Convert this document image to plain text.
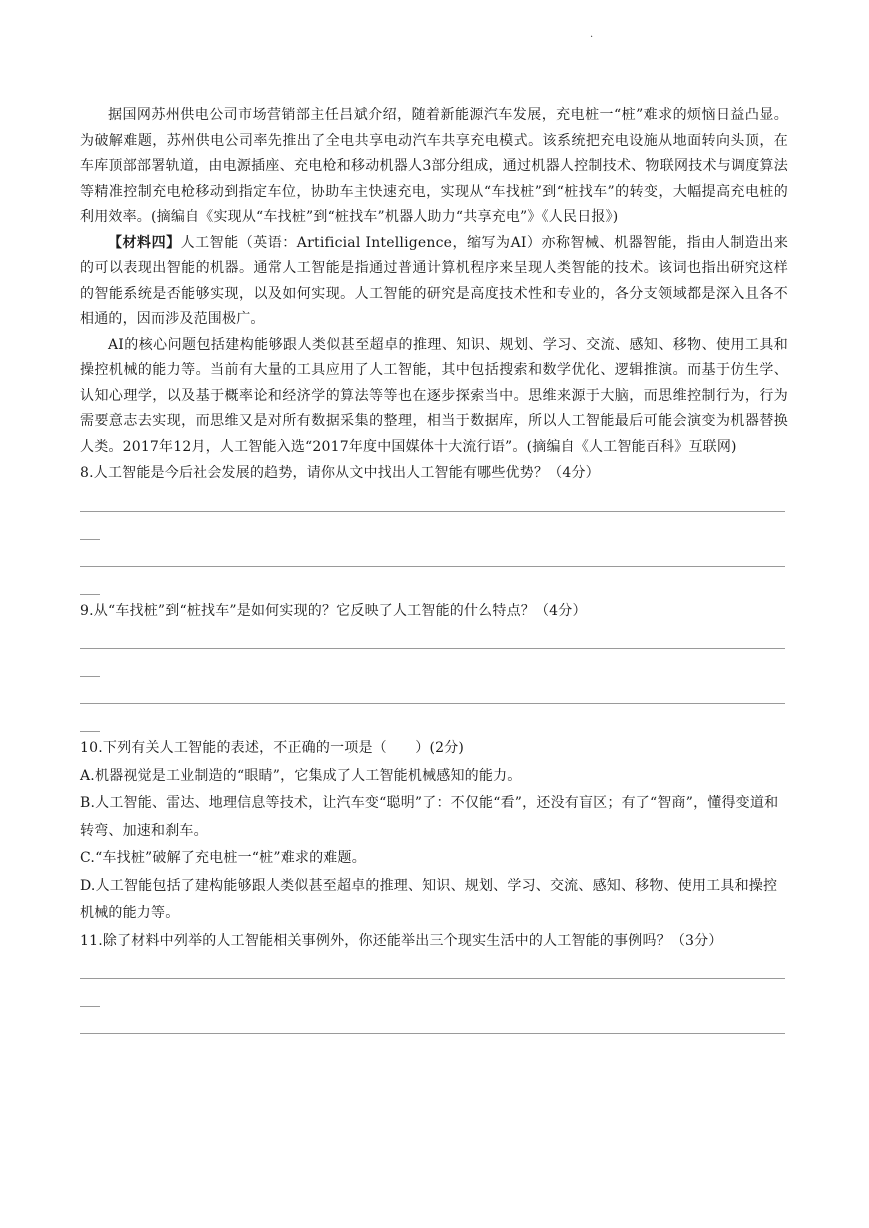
.

据国网苏州供电公司市场营销部主任吕斌介绍，随着新能源汽车发展，充电桩一“桩”难求的烦恼日益凸显。为破解难题，苏州供电公司率先推出了全电共享电动汽车共享充电模式。该系统把充电设施从地面转向头顶，在车库顶部部署轨道，由电源插座、充电枪和移动机器人3部分组成，通过机器人控制技术、物联网技术与调度算法等精准控制充电枪移动到指定车位，协助车主快速充电，实现从“车找桩”到“桩找车”的转变，大幅提高充电桩的利用效率。(摘编自《实现从“车找桩”到“桩找车”机器人助力“共享充电”》《人民日报》)

【材料四】人工智能（英语：Artificial Intelligence，缩写为AI）亦称智械、机器智能，指由人制造出来的可以表现出智能的机器。通常人工智能是指通过普通计算机程序来呈现人类智能的技术。该词也指出研究这样的智能系统是否能够实现，以及如何实现。人工智能的研究是高度技术性和专业的，各分支领域都是深入且各不相通的，因而涉及范围极广。

AI的核心问题包括建构能够跟人类似甚至超卓的推理、知识、规划、学习、交流、感知、移物、使用工具和操控机械的能力等。当前有大量的工具应用了人工智能，其中包括搜索和数学优化、逻辑推演。而基于仿生学、认知心理学，以及基于概率论和经济学的算法等等也在逐步探索当中。思维来源于大脑，而思维控制行为，行为需要意志去实现，而思维又是对所有数据采集的整理，相当于数据库，所以人工智能最后可能会演变为机器替换人类。2017年12月，人工智能入选“2017年度中国媒体十大流行语”。(摘编自《人工智能百科》互联网)

8.人工智能是今后社会发展的趋势，请你从文中找出人工智能有哪些优势？（4分）

9.从“车找桩”到“桩找车”是如何实现的？它反映了人工智能的什么特点？（4分）

10.下列有关人工智能的表述，不正确的一项是（　　）(2分)

A.机器视觉是工业制造的“眼睛”，它集成了人工智能机械感知的能力。

B.人工智能、雷达、地理信息等技术，让汽车变“聪明”了：不仅能“看”，还没有盲区；有了“智商”，懂得变道和转弯、加速和刹车。

C.“车找桩”破解了充电桩一“桩”难求的难题。

D.人工智能包括了建构能够跟人类似甚至超卓的推理、知识、规划、学习、交流、感知、移物、使用工具和操控机械的能力等。

11.除了材料中列举的人工智能相关事例外，你还能举出三个现实生活中的人工智能的事例吗？（3分）
